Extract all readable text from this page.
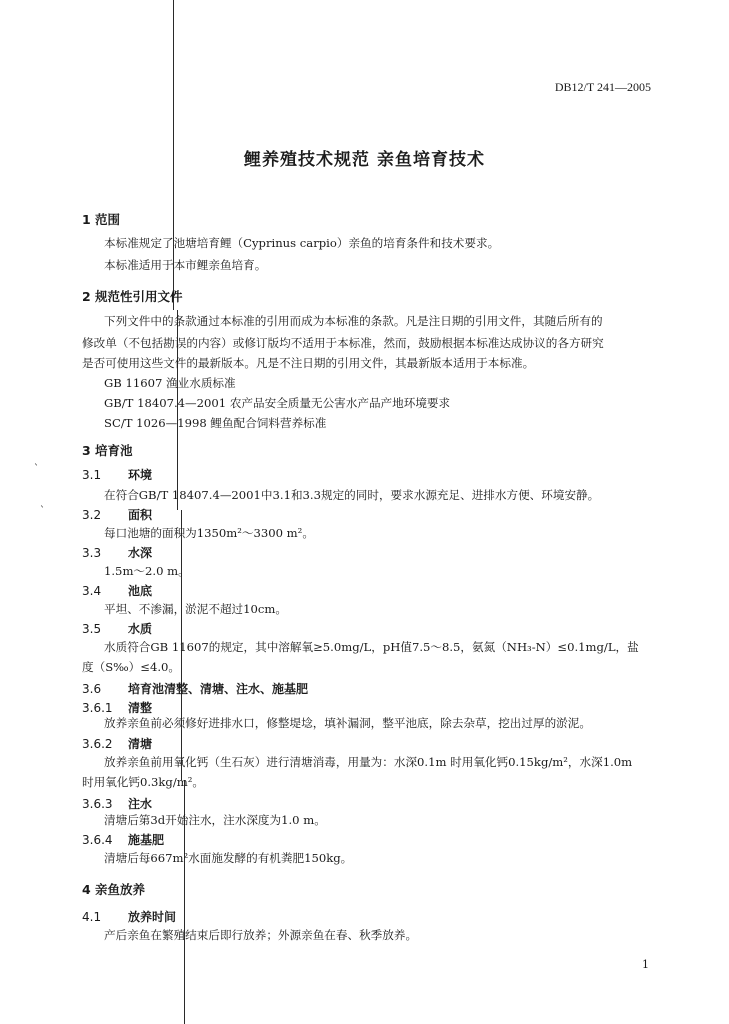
`
`
DB12/T 241—2005
鲤养殖技术规范 亲鱼培育技术
1 范围
本标准规定了池塘培育鲤（Cyprinus carpio）亲鱼的培育条件和技术要求。
本标准适用于本市鲤亲鱼培育。
2 规范性引用文件
下列文件中的条款通过本标准的引用而成为本标准的条款。凡是注日期的引用文件，其随后所有的
修改单（不包括勘误的内容）或修订版均不适用于本标准，然而，鼓励根据本标准达成协议的各方研究
是否可使用这些文件的最新版本。凡是不注日期的引用文件，其最新版本适用于本标准。
GB 11607 渔业水质标准
GB/T 18407.4—2001 农产品安全质量无公害水产品产地环境要求
SC/T 1026—1998 鲤鱼配合饲料营养标准
3 培育池
3.1 环境
在符合GB/T 18407.4—2001中3.1和3.3规定的同时，要求水源充足、进排水方便、环境安静。
3.2 面积
每口池塘的面积为1350m²～3300 m²。
3.3 水深
1.5m～2.0 m。
3.4 池底
平坦、不渗漏，淤泥不超过10cm。
3.5 水质
水质符合GB 11607的规定，其中溶解氧≥5.0mg/L，pH值7.5～8.5，氨氮（NH₃-N）≤0.1mg/L，盐
度（S‰）≤4.0。
3.6 培育池清整、清塘、注水、施基肥
3.6.1 清整
放养亲鱼前必须修好进排水口，修整堤埝，填补漏洞，整平池底，除去杂草，挖出过厚的淤泥。
3.6.2 清塘
放养亲鱼前用氧化钙（生石灰）进行清塘消毒，用量为：水深0.1m 时用氧化钙0.15kg/m²，水深1.0m
时用氧化钙0.3kg/m²。
3.6.3 注水
清塘后第3d开始注水，注水深度为1.0 m。
3.6.4 施基肥
清塘后每667m²水面施发酵的有机粪肥150kg。
4 亲鱼放养
4.1 放养时间
产后亲鱼在繁殖结束后即行放养；外源亲鱼在春、秋季放养。
1
